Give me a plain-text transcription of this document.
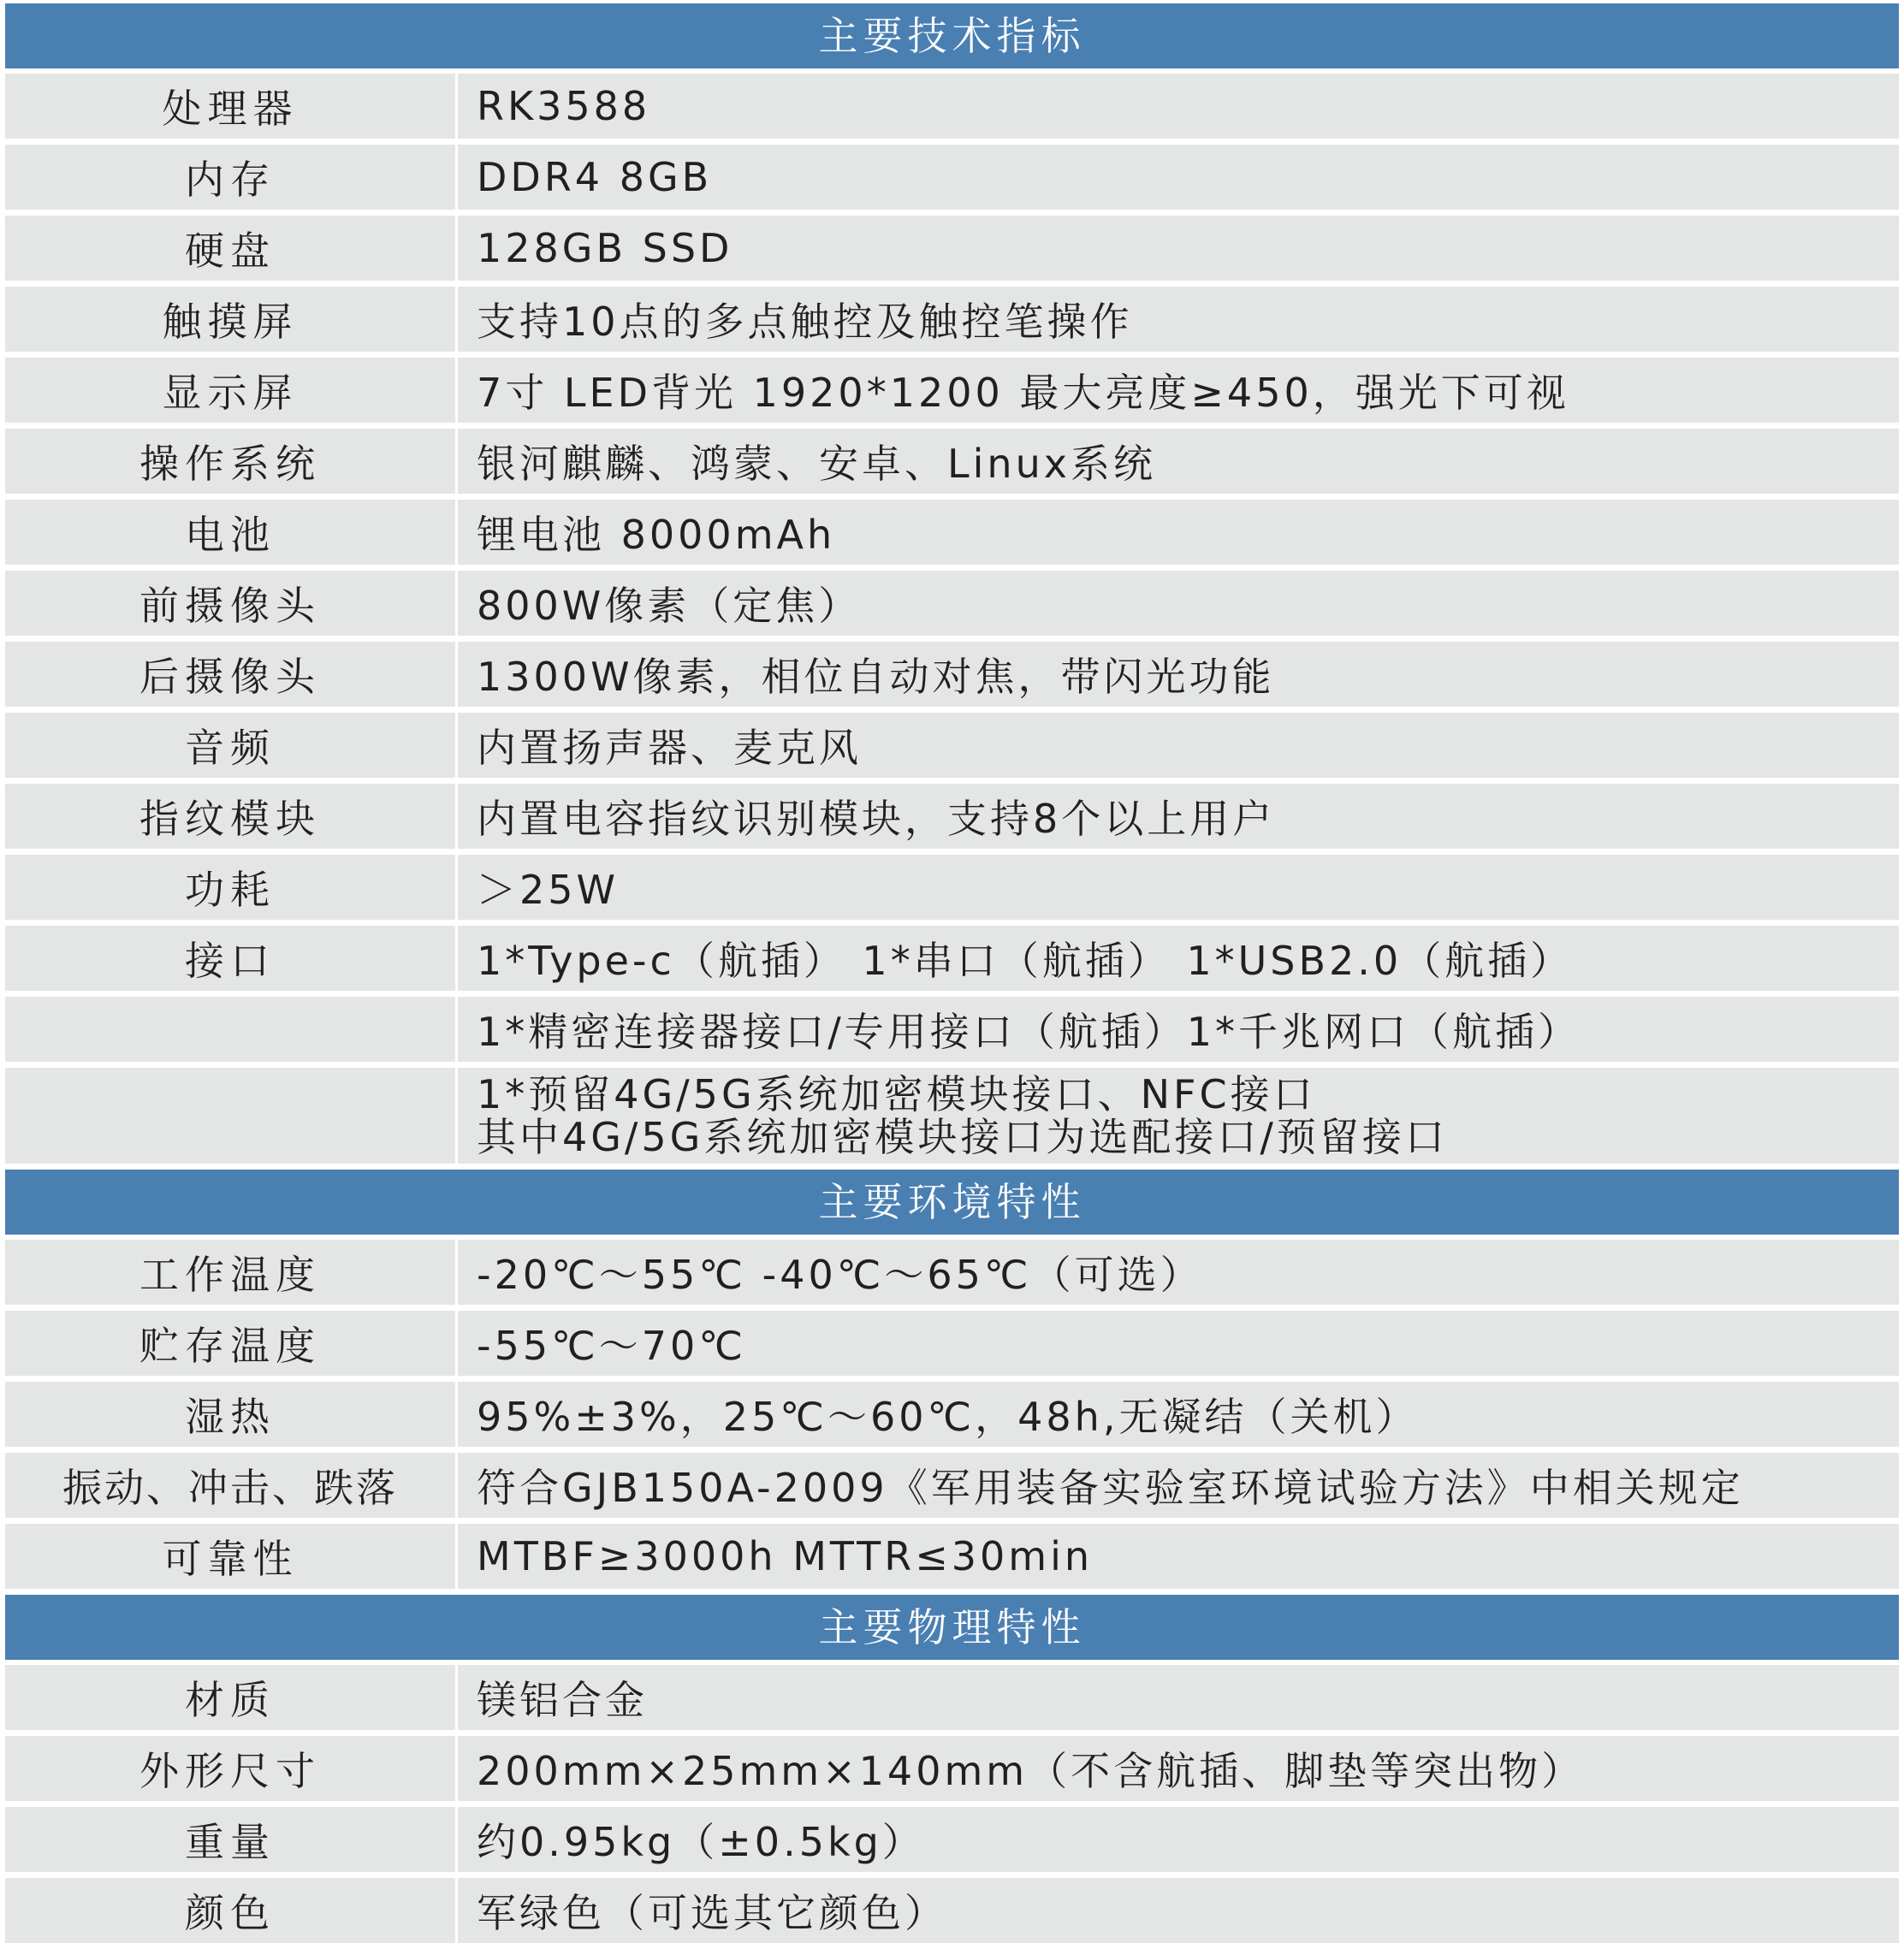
主要技术指标
处理器	RK3588
内存	DDR4 8GB
硬盘	128GB SSD
触摸屏	支持10点的多点触控及触控笔操作
显示屏	7寸 LED背光 1920*1200 最大亮度≥450，强光下可视
操作系统	银河麒麟、鸿蒙、安卓、Linux系统
电池	锂电池 8000mAh
前摄像头	800W像素（定焦）
后摄像头	1300W像素，相位自动对焦，带闪光功能
音频	内置扬声器、麦克风
指纹模块	内置电容指纹识别模块，支持8个以上用户
功耗	＞25W
接口	1*Type-c（航插） 1*串口（航插） 1*USB2.0（航插）
1*精密连接器接口/专用接口（航插）1*千兆网口（航插）
1*预留4G/5G系统加密模块接口、NFC接口
其中4G/5G系统加密模块接口为选配接口/预留接口
主要环境特性
工作温度	-20℃～55℃ -40℃～65℃（可选）
贮存温度	-55℃～70℃
湿热	95%±3%，25℃～60℃，48h,无凝结（关机）
振动、冲击、跌落	符合GJB150A-2009《军用装备实验室环境试验方法》中相关规定
可靠性	MTBF≥3000h MTTR≤30min
主要物理特性
材质	镁铝合金
外形尺寸	200mm×25mm×140mm（不含航插、脚垫等突出物）
重量	约0.95kg（±0.5kg）
颜色	军绿色（可选其它颜色）
